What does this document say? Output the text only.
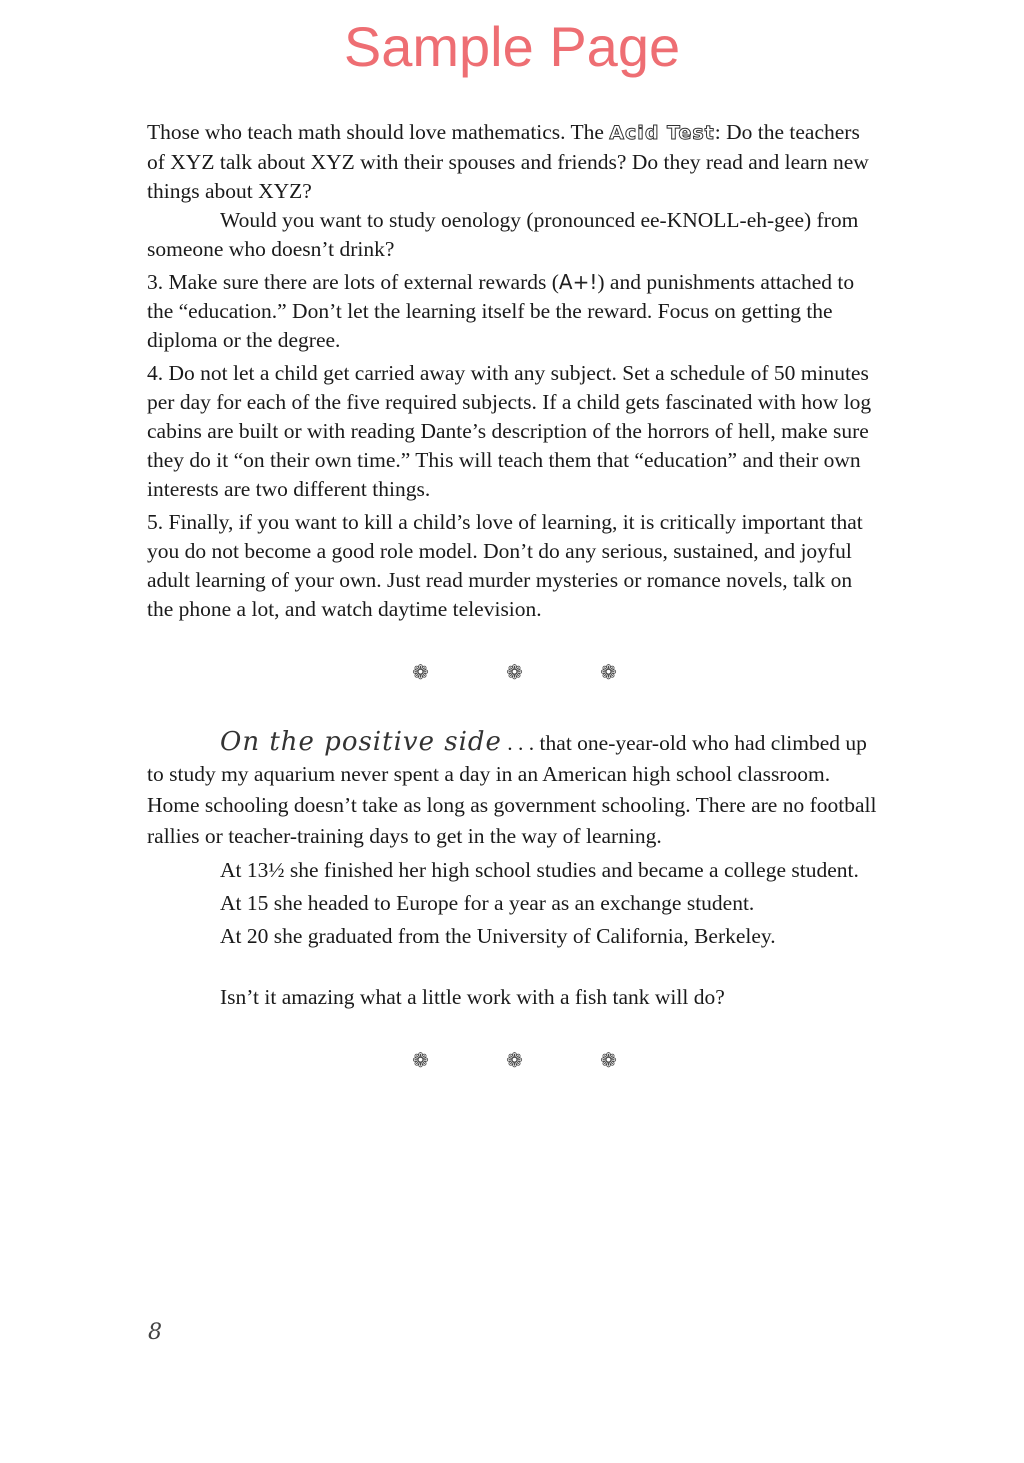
Sample Page

Those who teach math should love mathematics. The Acid Test: Do the teachers of XYZ talk about XYZ with their spouses and friends? Do they read and learn new things about XYZ?

Would you want to study oenology (pronounced ee-KNOLL-eh-gee) from someone who doesn’t drink?

3. Make sure there are lots of external rewards (A+!) and punishments attached to the “education.” Don’t let the learning itself be the reward. Focus on getting the diploma or the degree.

4. Do not let a child get carried away with any subject. Set a schedule of 50 minutes per day for each of the five required subjects. If a child gets fascinated with how log cabins are built or with reading Dante’s description of the horrors of hell, make sure they do it “on their own time.” This will teach them that “education” and their own interests are two different things.

5. Finally, if you want to kill a child’s love of learning, it is critically important that you do not become a good role model. Don’t do any serious, sustained, and joyful adult learning of your own. Just read murder mysteries or romance novels, talk on the phone a lot, and watch daytime television.

❁	❁	❁

On the positive side . . . that one-year-old who had climbed up to study my aquarium never spent a day in an American high school classroom. Home schooling doesn’t take as long as government schooling. There are no football rallies or teacher-training days to get in the way of learning.

At 13½ she finished her high school studies and became a college student.

At 15 she headed to Europe for a year as an exchange student.

At 20 she graduated from the University of California, Berkeley.

Isn’t it amazing what a little work with a fish tank will do?

❁	❁	❁
8
